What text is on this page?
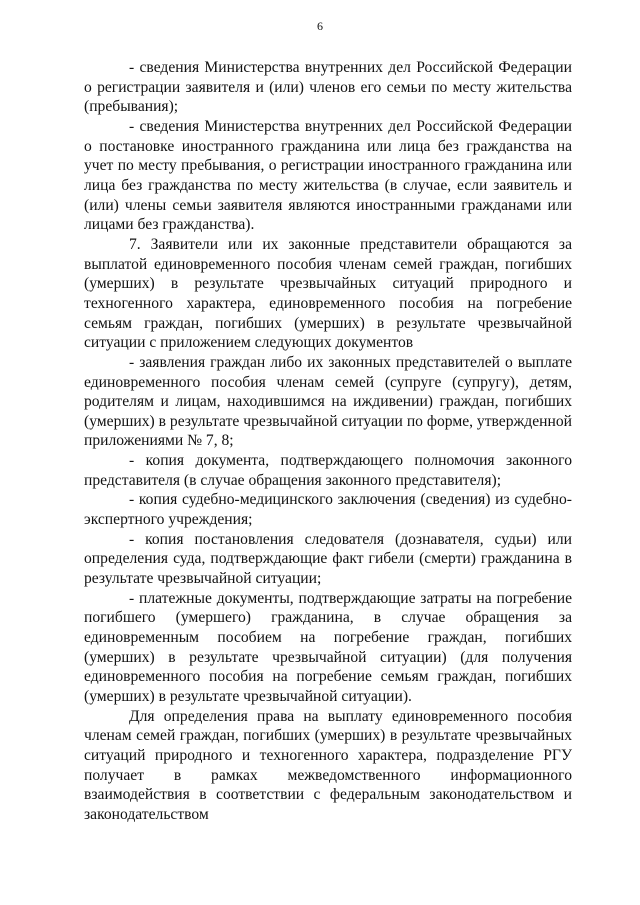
6

- сведения Министерства внутренних дел Российской Федерации о регистрации заявителя и (или) членов его семьи по месту жительства (пребывания);

- сведения Министерства внутренних дел Российской Федерации о постановке иностранного гражданина или лица без гражданства на учет по месту пребывания, о регистрации иностранного гражданина или лица без гражданства по месту жительства (в случае, если заявитель и (или) члены семьи заявителя являются иностранными гражданами или лицами без гражданства).

7. Заявители или их законные представители обращаются за выплатой единовременного пособия членам семей граждан, погибших (умерших) в результате чрезвычайных ситуаций природного и техногенного характера, единовременного пособия на погребение семьям граждан, погибших (умерших) в результате чрезвычайной ситуации с приложением следующих документов

- заявления граждан либо их законных представителей о выплате единовременного пособия членам семей (супруге (супругу), детям, родителям и лицам, находившимся на иждивении) граждан, погибших (умерших) в результате чрезвычайной ситуации по форме, утвержденной приложениями № 7, 8;

- копия документа, подтверждающего полномочия законного представителя (в случае обращения законного представителя);

- копия судебно-медицинского заключения (сведения) из судебно-экспертного учреждения;

- копия постановления следователя (дознавателя, судьи) или определения суда, подтверждающие факт гибели (смерти) гражданина в результате чрезвычайной ситуации;

- платежные документы, подтверждающие затраты на погребение погибшего (умершего) гражданина, в случае обращения за единовременным пособием на погребение граждан, погибших (умерших) в результате чрезвычайной ситуации) (для получения единовременного пособия на погребение семьям граждан, погибших (умерших) в результате чрезвычайной ситуации).

Для определения права на выплату единовременного пособия членам семей граждан, погибших (умерших) в результате чрезвычайных ситуаций природного и техногенного характера, подразделение РГУ получает в рамках межведомственного информационного взаимодействия в соответствии с федеральным законодательством и законодательством
